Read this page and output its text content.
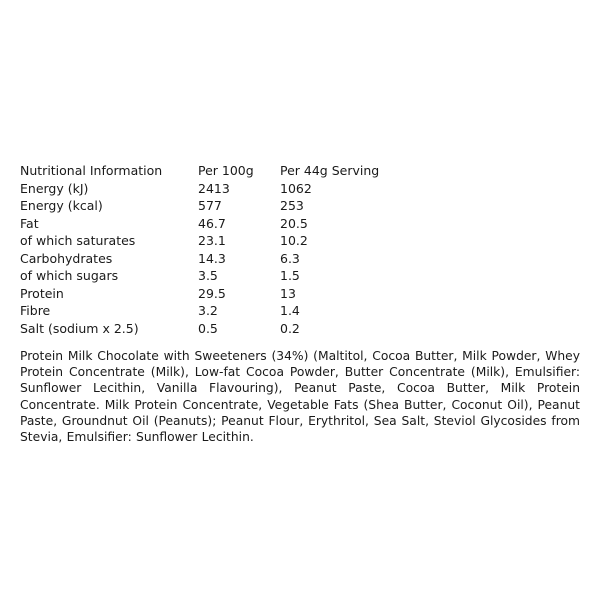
Nutritional Information	Per 100g	Per 44g Serving
Energy (kJ)	2413	1062
Energy (kcal)	577	253
Fat	46.7	20.5
of which saturates	23.1	10.2
Carbohydrates	14.3	6.3
of which sugars	3.5	1.5
Protein	29.5	13
Fibre	3.2	1.4
Salt (sodium x 2.5)	0.5	0.2
Protein Milk Chocolate with Sweeteners (34%) (Maltitol, Cocoa Butter, Milk Powder, Whey Protein Concentrate (Milk), Low-fat Cocoa Powder, Butter Concentrate (Milk), Emulsifier: Sunflower Lecithin, Vanilla Flavouring), Peanut Paste, Cocoa Butter, Milk Protein Concentrate. Milk Protein Concentrate, Vegetable Fats (Shea Butter, Coconut Oil), Peanut Paste, Groundnut Oil (Peanuts); Peanut Flour, Erythritol, Sea Salt, Steviol Glycosides from Stevia, Emulsifier: Sunflower Lecithin.
